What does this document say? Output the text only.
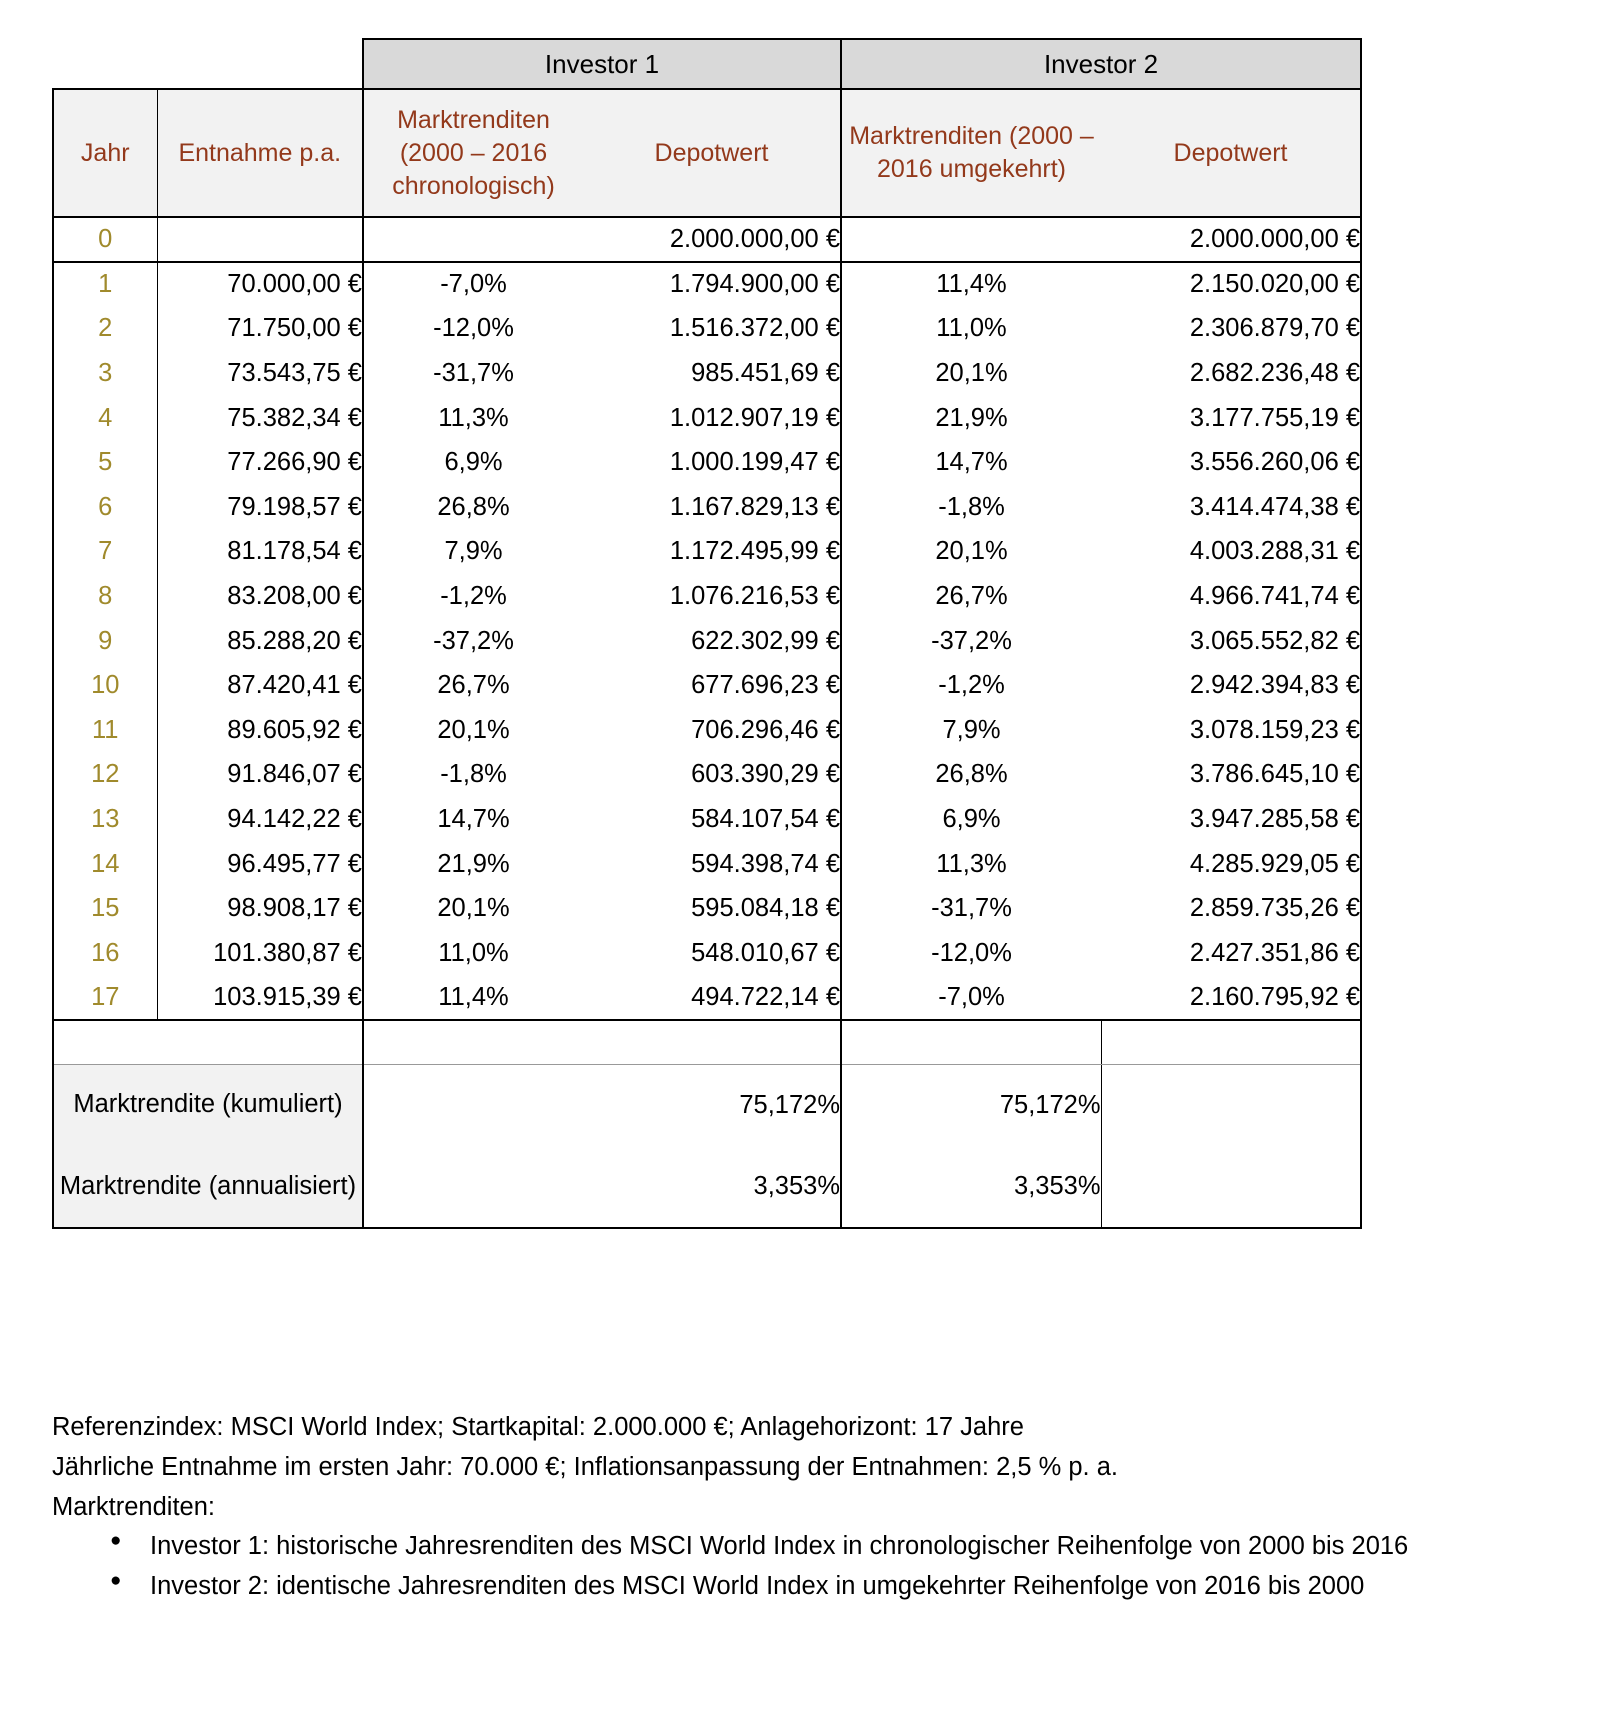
		Investor 1		Investor 2	
Jahr	Entnahme p.a.	Marktrenditen (2000 – 2016 chronologisch)	Depotwert	Marktrenditen (2000 – 2016 umgekehrt)	Depotwert
0			2.000.000,00 €		2.000.000,00 €
1	70.000,00 €	-7,0%	1.794.900,00 €	11,4%	2.150.020,00 €
2	71.750,00 €	-12,0%	1.516.372,00 €	11,0%	2.306.879,70 €
3	73.543,75 €	-31,7%	985.451,69 €	20,1%	2.682.236,48 €
4	75.382,34 €	11,3%	1.012.907,19 €	21,9%	3.177.755,19 €
5	77.266,90 €	6,9%	1.000.199,47 €	14,7%	3.556.260,06 €
6	79.198,57 €	26,8%	1.167.829,13 €	-1,8%	3.414.474,38 €
7	81.178,54 €	7,9%	1.172.495,99 €	20,1%	4.003.288,31 €
8	83.208,00 €	-1,2%	1.076.216,53 €	26,7%	4.966.741,74 €
9	85.288,20 €	-37,2%	622.302,99 €	-37,2%	3.065.552,82 €
10	87.420,41 €	26,7%	677.696,23 €	-1,2%	2.942.394,83 €
11	89.605,92 €	20,1%	706.296,46 €	7,9%	3.078.159,23 €
12	91.846,07 €	-1,8%	603.390,29 €	26,8%	3.786.645,10 €
13	94.142,22 €	14,7%	584.107,54 €	6,9%	3.947.285,58 €
14	96.495,77 €	21,9%	594.398,74 €	11,3%	4.285.929,05 €
15	98.908,17 €	20,1%	595.084,18 €	-31,7%	2.859.735,26 €
16	101.380,87 €	11,0%	548.010,67 €	-12,0%	2.427.351,86 €
17	103.915,39 €	11,4%	494.722,14 €	-7,0%	2.160.795,92 €

Marktrendite (kumuliert)		75,172%		75,172%	
Marktrendite (annualisiert)		3,353%		3,353%	

Referenzindex: MSCI World Index; Startkapital: 2.000.000 €; Anlagehorizont: 17 Jahre

Jährliche Entnahme im ersten Jahr: 70.000 €; Inflationsanpassung der Entnahmen: 2,5 % p. a.

Marktrenditen:

● Investor 1: historische Jahresrenditen des MSCI World Index in chronologischer Reihenfolge von 2000 bis 2016
● Investor 2: identische Jahresrenditen des MSCI World Index in umgekehrter Reihenfolge von 2016 bis 2000
